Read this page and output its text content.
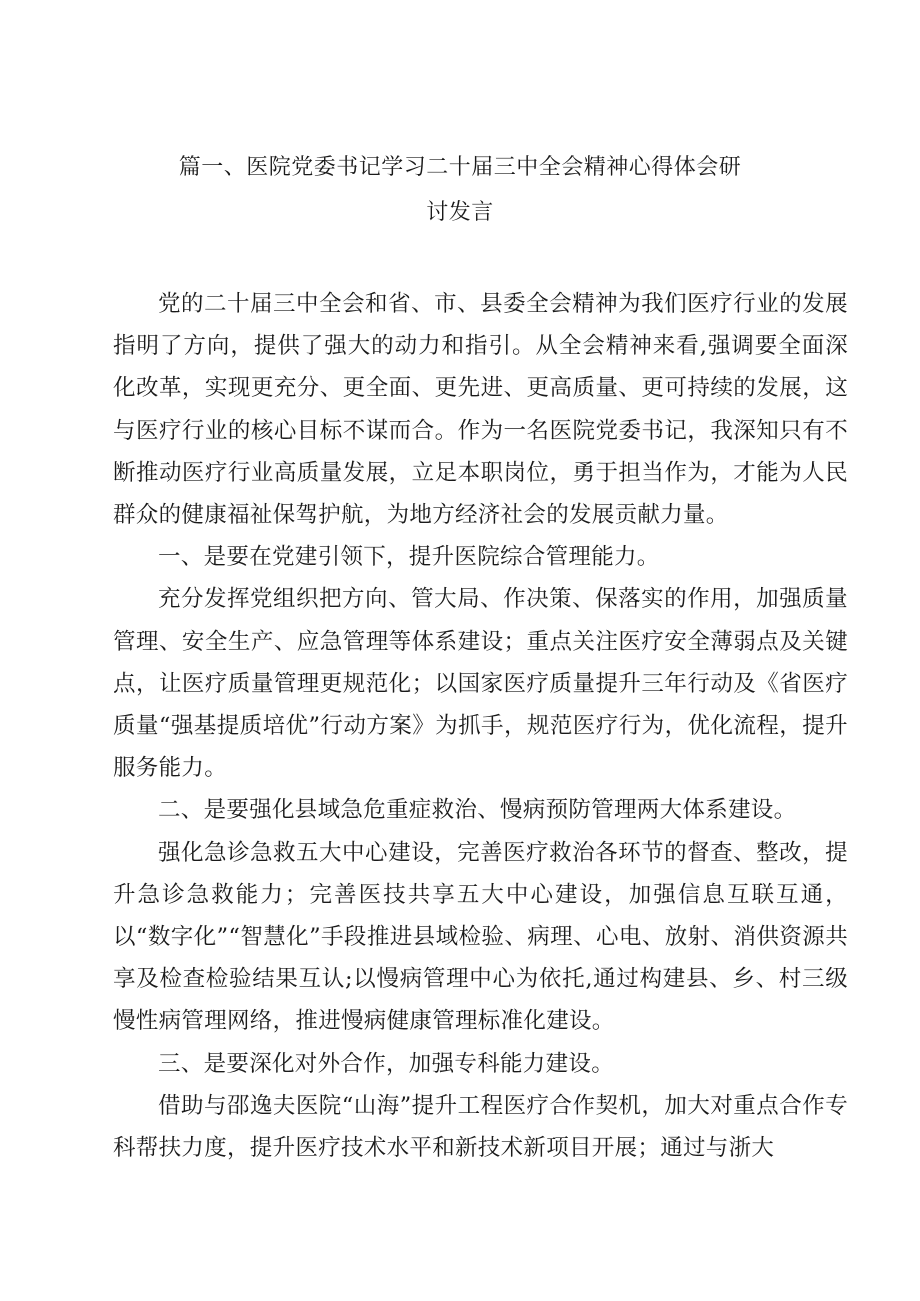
篇一、医院党委书记学习二十届三中全会精神心得体会研
讨发言

党的二十届三中全会和省、市、县委全会精神为我们医疗行业的发展指明了方向，提供了强大的动力和指引。从全会精神来看,强调要全面深化改革，实现更充分、更全面、更先进、更高质量、更可持续的发展，这与医疗行业的核心目标不谋而合。作为一名医院党委书记，我深知只有不断推动医疗行业高质量发展，立足本职岗位，勇于担当作为，才能为人民群众的健康福祉保驾护航，为地方经济社会的发展贡献力量。

一、是要在党建引领下，提升医院综合管理能力。

充分发挥党组织把方向、管大局、作决策、保落实的作用，加强质量管理、安全生产、应急管理等体系建设；重点关注医疗安全薄弱点及关键点，让医疗质量管理更规范化；以国家医疗质量提升三年行动及《省医疗质量“强基提质培优”行动方案》为抓手，规范医疗行为，优化流程，提升服务能力。

二、是要强化县域急危重症救治、慢病预防管理两大体系建设。

强化急诊急救五大中心建设，完善医疗救治各环节的督查、整改，提升急诊急救能力；完善医技共享五大中心建设，加强信息互联互通，以“数字化”“智慧化”手段推进县域检验、病理、心电、放射、消供资源共享及检查检验结果互认;以慢病管理中心为依托,通过构建县、乡、村三级慢性病管理网络，推进慢病健康管理标准化建设。

三、是要深化对外合作，加强专科能力建设。

借助与邵逸夫医院“山海”提升工程医疗合作契机，加大对重点合作专科帮扶力度，提升医疗技术水平和新技术新项目开展；通过与浙大
